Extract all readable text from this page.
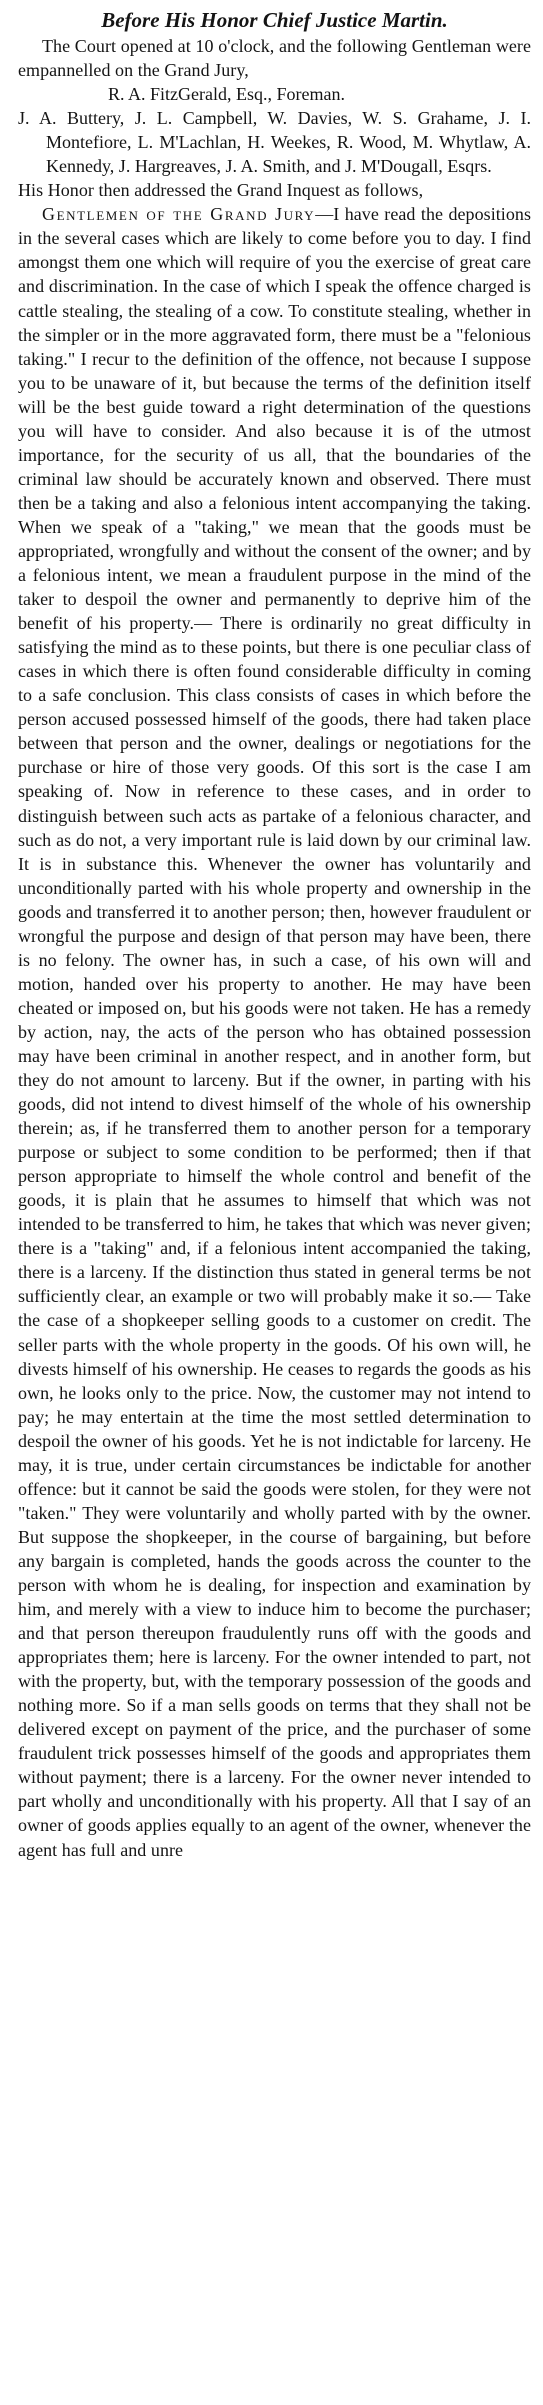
Before His Honor Chief Justice Martin.

The Court opened at 10 o'clock, and the following Gentleman were empannelled on the Grand Jury,

R. A. FitzGerald, Esq., Foreman.

J. A. Buttery, J. L. Campbell, W. Davies, W. S. Grahame, J. I. Montefiore, L. M'Lachlan, H. Weekes, R. Wood, M. Whytlaw, A. Kennedy, J. Hargreaves, J. A. Smith, and J. M'Dougall, Esqrs.

His Honor then addressed the Grand Inquest as follows,

Gentlemen of the Grand Jury—I have read the depositions in the several cases which are likely to come before you to day. I find amongst them one which will require of you the exercise of great care and discrimination. In the case of which I speak the offence charged is cattle stealing, the stealing of a cow. To constitute stealing, whether in the simpler or in the more aggravated form, there must be a "felonious taking." I recur to the definition of the offence, not because I suppose you to be unaware of it, but because the terms of the definition itself will be the best guide toward a right determination of the questions you will have to consider. And also because it is of the utmost importance, for the security of us all, that the boundaries of the criminal law should be accurately known and observed. There must then be a taking and also a felonious intent accompanying the taking. When we speak of a "taking," we mean that the goods must be appropriated, wrongfully and without the consent of the owner; and by a felonious intent, we mean a fraudulent purpose in the mind of the taker to despoil the owner and permanently to deprive him of the benefit of his property.— There is ordinarily no great difficulty in satisfying the mind as to these points, but there is one peculiar class of cases in which there is often found considerable difficulty in coming to a safe conclusion. This class consists of cases in which before the person accused possessed himself of the goods, there had taken place between that person and the owner, dealings or negotiations for the purchase or hire of those very goods. Of this sort is the case I am speaking of. Now in reference to these cases, and in order to distinguish between such acts as partake of a felonious character, and such as do not, a very important rule is laid down by our criminal law. It is in substance this. Whenever the owner has voluntarily and unconditionally parted with his whole property and ownership in the goods and transferred it to another person; then, however fraudulent or wrongful the purpose and design of that person may have been, there is no felony. The owner has, in such a case, of his own will and motion, handed over his property to another. He may have been cheated or imposed on, but his goods were not taken. He has a remedy by action, nay, the acts of the person who has obtained possession may have been criminal in another respect, and in another form, but they do not amount to larceny. But if the owner, in parting with his goods, did not intend to divest himself of the whole of his ownership therein; as, if he transferred them to another person for a temporary purpose or subject to some condition to be performed; then if that person appropriate to himself the whole control and benefit of the goods, it is plain that he assumes to himself that which was not intended to be transferred to him, he takes that which was never given; there is a "taking" and, if a felonious intent accompanied the taking, there is a larceny. If the distinction thus stated in general terms be not sufficiently clear, an example or two will probably make it so.— Take the case of a shopkeeper selling goods to a customer on credit. The seller parts with the whole property in the goods. Of his own will, he divests himself of his ownership. He ceases to regards the goods as his own, he looks only to the price. Now, the customer may not intend to pay; he may entertain at the time the most settled determination to despoil the owner of his goods. Yet he is not indictable for larceny. He may, it is true, under certain circumstances be indictable for another offence: but it cannot be said the goods were stolen, for they were not "taken." They were voluntarily and wholly parted with by the owner. But suppose the shopkeeper, in the course of bargaining, but before any bargain is completed, hands the goods across the counter to the person with whom he is dealing, for inspection and examination by him, and merely with a view to induce him to become the purchaser; and that person thereupon fraudulently runs off with the goods and appropriates them; here is larceny. For the owner intended to part, not with the property, but, with the temporary possession of the goods and nothing more. So if a man sells goods on terms that they shall not be delivered except on payment of the price, and the purchaser of some fraudulent trick possesses himself of the goods and appropriates them without payment; there is a larceny. For the owner never intended to part wholly and unconditionally with his property. All that I say of an owner of goods applies equally to an agent of the owner, whenever the agent has full and unre
